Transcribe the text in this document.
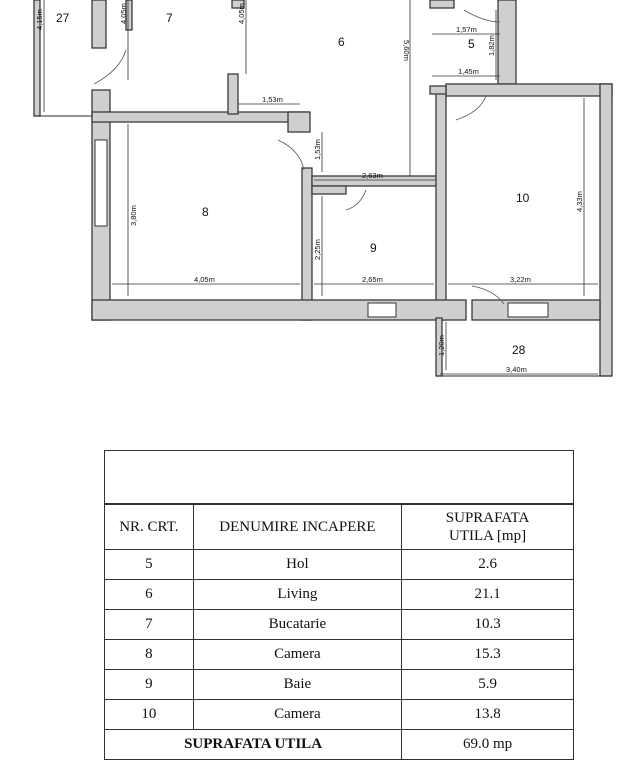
27	7
6	5
8
9
10
28
4,15m	4,05m	4,05m
1,57m
1,82m
5,60m
1,45m
1,53m
1,53m
2,63m
3,80m
4,33m
2,25m
4,05m	2,65m	3,22m
1,20m
3,40m
NR. CRT.	DENUMIRE INCAPERE	SUPRAFATA UTILA [mp]
5	Hol	2.6
6	Living	21.1
7	Bucatarie	10.3
8	Camera	15.3
9	Baie	5.9
10	Camera	13.8
SUPRAFATA UTILA		69.0 mp
